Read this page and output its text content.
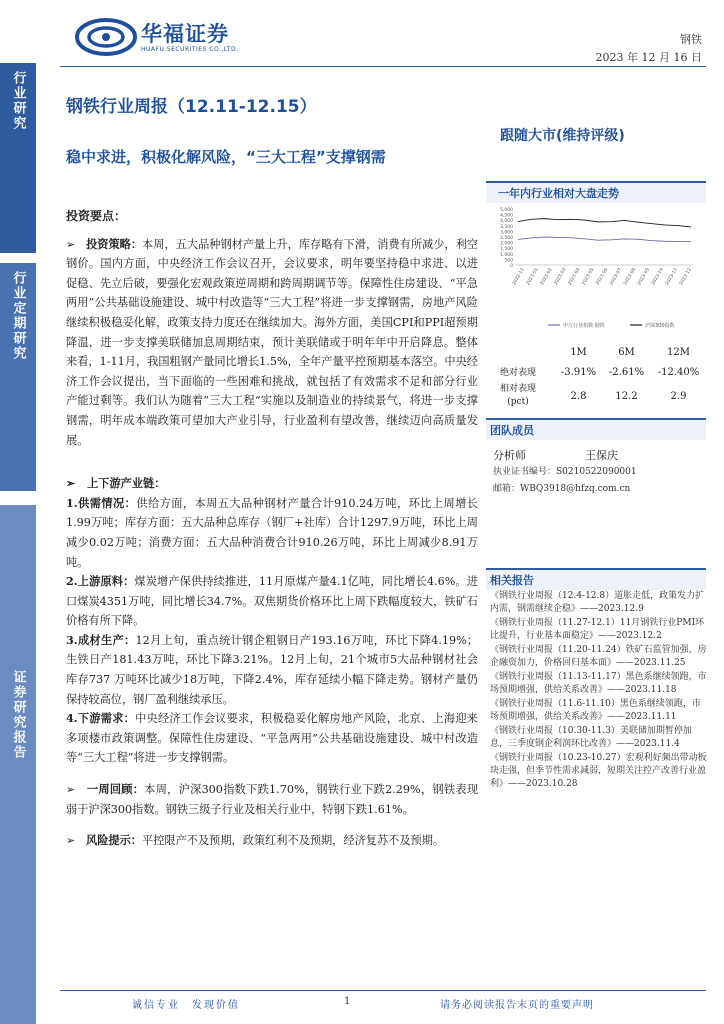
行业研究
行业定期研究
证券研究报告
华福证券
HUAFU SECURITIES CO.,LTD.
钢铁
2023 年 12 月 16 日
钢铁行业周报（12.11-12.15）
跟随大市(维持评级)
稳中求进，积极化解风险，“三大工程”支撑钢需
投资要点：

➢   投资策略：本周，五大品种钢材产量上升，库存略有下滑，消费有所减少，利空钢价。国内方面，中央经济工作会议召开，会议要求，明年要坚持稳中求进、以进促稳、先立后破，要强化宏观政策逆周期和跨周期调节等。保障性住房建设、“平急两用”公共基础设施建设、城中村改造等“三大工程”将进一步支撑钢需，房地产风险继续积极稳妥化解，政策支持力度还在继续加大。海外方面，美国CPI和PPI超预期降温，进一步支撑美联储加息周期结束，预计美联储或于明年年中开启降息。整体来看，1-11月，我国粗钢产量同比增长1.5%，全年产量平控预期基本落空。中央经济工作会议提出，当下面临的一些困难和挑战，就包括了有效需求不足和部分行业产能过剩等。我们认为随着“三大工程”实施以及制造业的持续景气，将进一步支撑钢需，明年成本端政策可望加大产业引导，行业盈利有望改善，继续迈向高质量发展。

➢   上下游产业链：

1.供需情况：供给方面，本周五大品种钢材产量合计910.24万吨，环比上周增长1.99万吨；库存方面：五大品种总库存（钢厂+社库）合计1297.9万吨，环比上周减少0.02万吨；消费方面：五大品种消费合计910.26万吨，环比上周减少8.91万吨。

2.上游原料：煤炭增产保供持续推进，11月原煤产量4.1亿吨，同比增长4.6%。进口煤炭4351万吨，同比增长34.7%。双焦期货价格环比上周下跌幅度较大，铁矿石价格有所下降。

3.成材生产：12月上旬，重点统计钢企粗钢日产193.16万吨，环比下降4.19%；生铁日产181.43万吨，环比下降3.21%。12月上旬，21个城市5大品种钢材社会库存737 万吨环比减少18万吨，下降2.4%，库存延续小幅下降走势。钢材产量仍保持较高位，钢厂盈利继续承压。

4.下游需求：中央经济工作会议要求，积极稳妥化解房地产风险，北京、上海迎来多项楼市政策调整。保障性住房建设、“平急两用”公共基础设施建设、城中村改造等“三大工程”将进一步支撑钢需。

➢   一周回顾：本周，沪深300指数下跌1.70%，钢铁行业下跌2.29%，钢铁表现弱于沪深300指数。钢铁三级子行业及相关行业中，特钢下跌1.61%。

➢   风险提示：平控限产不及预期，政策红利不及预期，经济复苏不及预期。

一年内行业相对大盘走势
5,000
4,500
4,000
3,500
3,000
2,500
2,000
1,500
1,000
500
0
2022-12 2023-01 2023-02 2023-03 2023-04 2023-05 2023-06 2023-07 2023-08 2023-09 2023-10 2023-11 2023-12
申万行业指数:钢铁	沪深300指数
1M	6M	12M
绝对表现	-3.91%	-2.61%	-12.40%
相对表现(pct)	2.8	12.2	2.9
团队成员
分析师	王保庆
执业证书编号：S0210522090001
邮箱：WBQ3918@hfzq.com.cn
相关报告
《钢铁行业周报（12.4-12.8）道胀走低，政策发力扩内需，钢需继续企稳》——2023.12.9
《钢铁行业周报（11.27-12.1）11月钢铁行业PMI环比提升，行业基本面稳定》——2023.12.2
《钢铁行业周报（11.20-11.24）铁矿石监管加强，房企融资加力，价格回归基本面》——2023.11.25
《钢铁行业周报（11.13-11.17）黑色系继续领跑，市场预期增强，供给关系改善》——2023.11.18
《钢铁行业周报（11.6-11.10）黑色系继续领跑，市场预期增强，供给关系改善》——2023.11.11
《钢铁行业周报（10.30-11.3）美联储加期暂停加息，三季度钢企利润环比改善》——2023.11.4
《钢铁行业周报（10.23-10.27）宏观利好频出带动板块走强，但季节性需求减弱，短期关注控产改善行业盈利》——2023.10.28
诚信专业　发现价值	1	请务必阅读报告末页的重要声明
